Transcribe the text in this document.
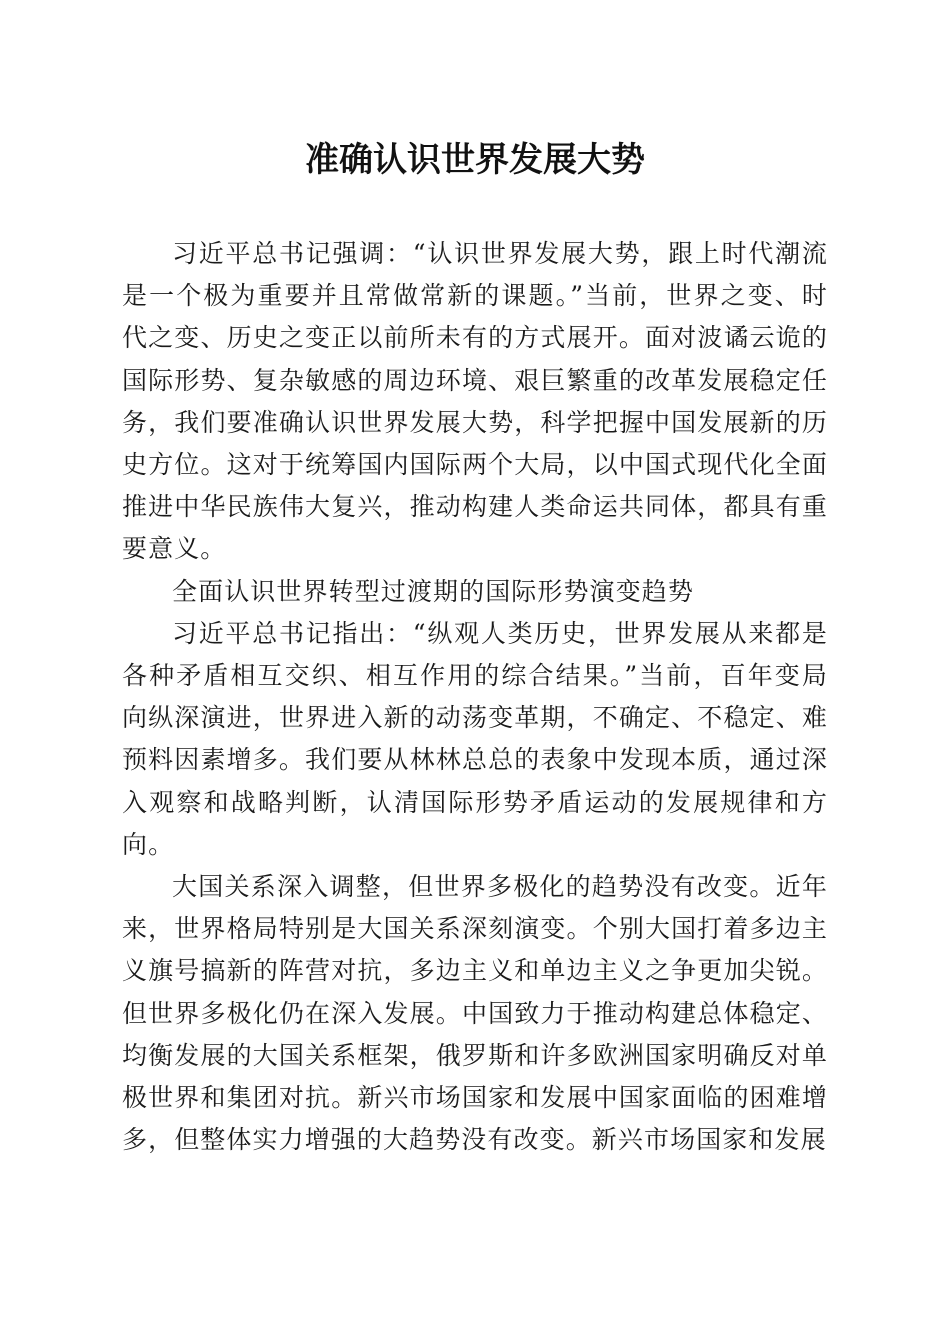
准确认识世界发展大势

习近平总书记强调：“认识世界发展大势，跟上时代潮流是一个极为重要并且常做常新的课题。”当前，世界之变、时代之变、历史之变正以前所未有的方式展开。面对波谲云诡的国际形势、复杂敏感的周边环境、艰巨繁重的改革发展稳定任务，我们要准确认识世界发展大势，科学把握中国发展新的历史方位。这对于统筹国内国际两个大局，以中国式现代化全面推进中华民族伟大复兴，推动构建人类命运共同体，都具有重要意义。

全面认识世界转型过渡期的国际形势演变趋势

习近平总书记指出：“纵观人类历史，世界发展从来都是各种矛盾相互交织、相互作用的综合结果。”当前，百年变局向纵深演进，世界进入新的动荡变革期，不确定、不稳定、难预料因素增多。我们要从林林总总的表象中发现本质，通过深入观察和战略判断，认清国际形势矛盾运动的发展规律和方向。

大国关系深入调整，但世界多极化的趋势没有改变。近年来，世界格局特别是大国关系深刻演变。个别大国打着多边主义旗号搞新的阵营对抗，多边主义和单边主义之争更加尖锐。但世界多极化仍在深入发展。中国致力于推动构建总体稳定、均衡发展的大国关系框架，俄罗斯和许多欧洲国家明确反对单极世界和集团对抗。新兴市场国家和发展中国家面临的困难增多，但整体实力增强的大趋势没有改变。新兴市场国家和发展
